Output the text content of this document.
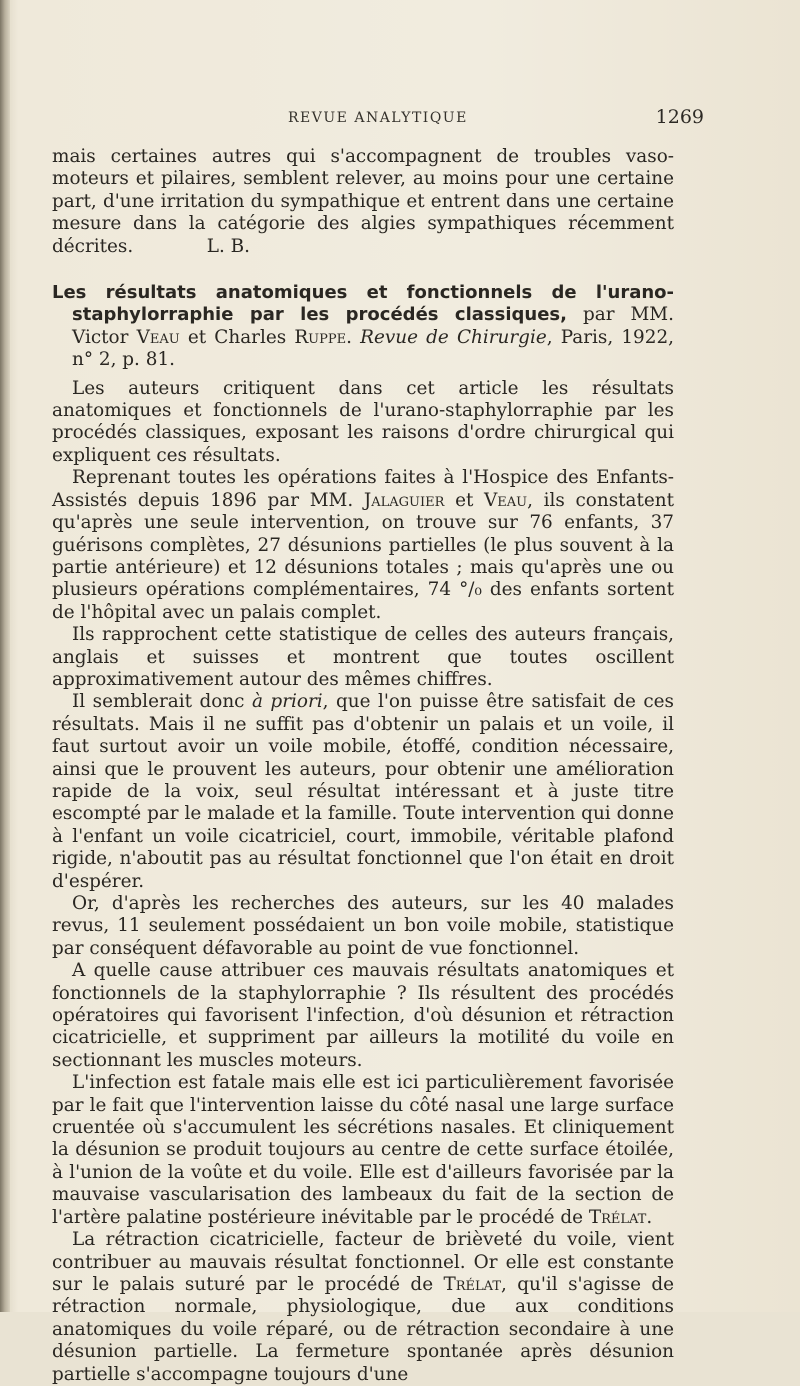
REVUE ANALYTIQUE	1269

mais certaines autres qui s'accompagnent de troubles vaso-moteurs et pilaires, semblent relever, au moins pour une certaine part, d'une irritation du sympathique et entrent dans une certaine mesure dans la catégorie des algies sympathiques récemment décrites.    	L. B.

Les résultats anatomiques et fonctionnels de l'urano-staphylorraphie par les procédés classiques, par MM. Victor Veau et Charles Ruppe. Revue de Chirurgie, Paris, 1922, n° 2, p. 81.

Les auteurs critiquent dans cet article les résultats anatomiques et fonctionnels de l'urano-staphylorraphie par les procédés classiques, exposant les raisons d'ordre chirurgical qui expliquent ces résultats.

Reprenant toutes les opérations faites à l'Hospice des Enfants-Assistés depuis 1896 par MM. Jalaguier et Veau, ils constatent qu'après une seule intervention, on trouve sur 76 enfants, 37 guérisons complètes, 27 désunions partielles (le plus souvent à la partie antérieure) et 12 désunions totales ; mais qu'après une ou plusieurs opérations complémentaires, 74 °/₀ des enfants sortent de l'hôpital avec un palais complet.

Ils rapprochent cette statistique de celles des auteurs français, anglais et suisses et montrent que toutes oscillent approximativement autour des mêmes chiffres.

Il semblerait donc à priori, que l'on puisse être satisfait de ces résultats. Mais il ne suffit pas d'obtenir un palais et un voile, il faut surtout avoir un voile mobile, étoffé, condition nécessaire, ainsi que le prouvent les auteurs, pour obtenir une amélioration rapide de la voix, seul résultat intéressant et à juste titre escompté par le malade et la famille. Toute intervention qui donne à l'enfant un voile cicatriciel, court, immobile, véritable plafond rigide, n'aboutit pas au résultat fonctionnel que l'on était en droit d'espérer.

Or, d'après les recherches des auteurs, sur les 40 malades revus, 11 seulement possédaient un bon voile mobile, statistique par conséquent défavorable au point de vue fonctionnel.

A quelle cause attribuer ces mauvais résultats anatomiques et fonctionnels de la staphylorraphie ? Ils résultent des procédés opératoires qui favorisent l'infection, d'où désunion et rétraction cicatricielle, et suppriment par ailleurs la motilité du voile en sectionnant les muscles moteurs.

L'infection est fatale mais elle est ici particulièrement favorisée par le fait que l'intervention laisse du côté nasal une large surface cruentée où s'accumulent les sécrétions nasales. Et cliniquement la désunion se produit toujours au centre de cette surface étoilée, à l'union de la voûte et du voile. Elle est d'ailleurs favorisée par la mauvaise vascularisation des lambeaux du fait de la section de l'artère palatine postérieure inévitable par le procédé de Trélat.

La rétraction cicatricielle, facteur de brièveté du voile, vient contribuer au mauvais résultat fonctionnel. Or elle est constante sur le palais suturé par le procédé de Trélat, qu'il s'agisse de rétraction normale, physiologique, due aux conditions anatomiques du voile réparé, ou de rétraction secondaire à une désunion partielle. La fermeture spontanée après désunion partielle s'accompagne toujours d'une
